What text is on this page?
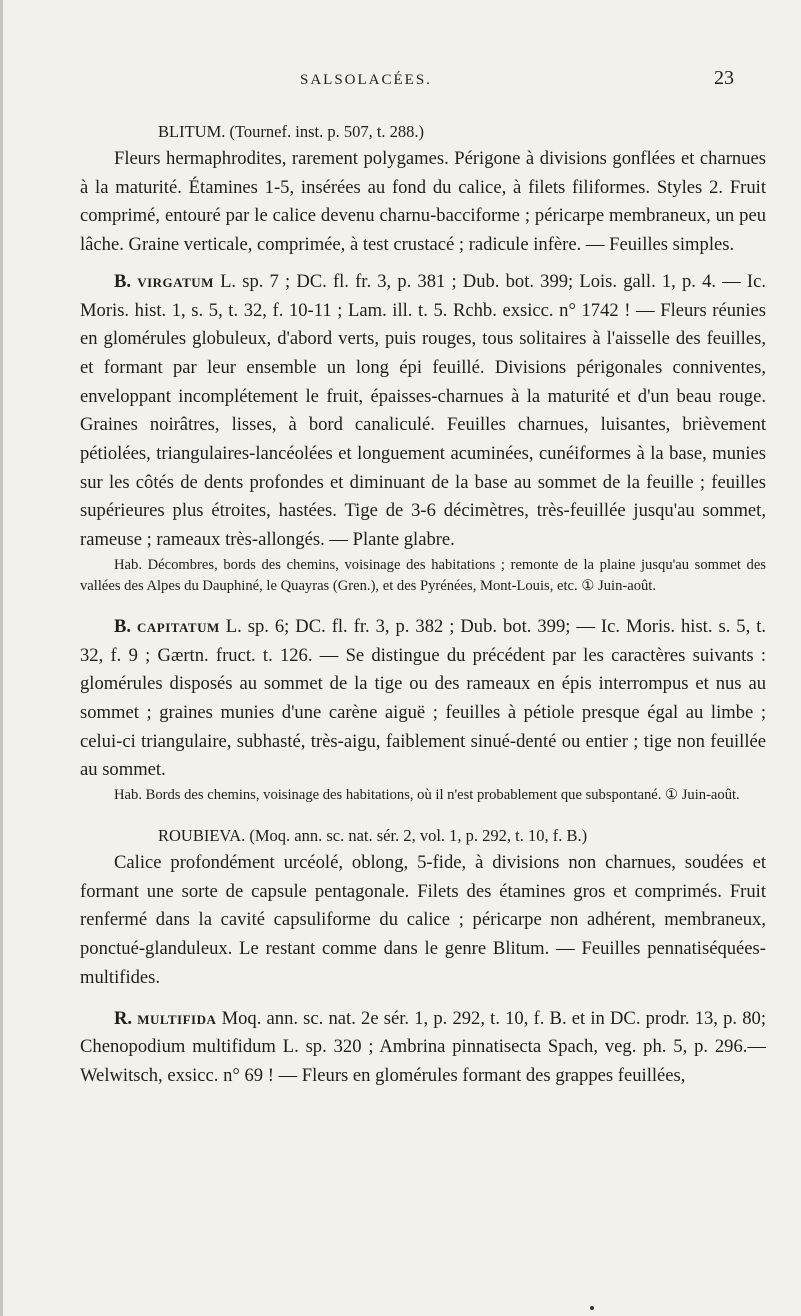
SALSOLACÉES.	23

BLITUM. (Tournef. inst. p. 507, t. 288.)

Fleurs hermaphrodites, rarement polygames. Périgone à divisions gonflées et charnues à la maturité. Étamines 1-5, insérées au fond du calice, à filets filiformes. Styles 2. Fruit comprimé, entouré par le calice devenu charnu-bacciforme ; péricarpe membraneux, un peu lâche. Graine verticale, comprimée, à test crustacé ; radicule infère. — Feuilles simples.

B. virgatum L. sp. 7 ; DC. fl. fr. 3, p. 381 ; Dub. bot. 399; Lois. gall. 1, p. 4. — Ic. Moris. hist. 1, s. 5, t. 32, f. 10-11 ; Lam. ill. t. 5. Rchb. exsicc. n° 1742 ! — Fleurs réunies en glomérules globuleux, d'abord verts, puis rouges, tous solitaires à l'aisselle des feuilles, et formant par leur ensemble un long épi feuillé. Divisions périgonales conniventes, enveloppant incomplétement le fruit, épaisses-charnues à la maturité et d'un beau rouge. Graines noirâtres, lisses, à bord canaliculé. Feuilles charnues, luisantes, brièvement pétiolées, triangulaires-lancéolées et longuement acuminées, cunéiformes à la base, munies sur les côtés de dents profondes et diminuant de la base au sommet de la feuille ; feuilles supérieures plus étroites, hastées. Tige de 3-6 décimètres, très-feuillée jusqu'au sommet, rameuse ; rameaux très-allongés. — Plante glabre.

Hab. Décombres, bords des chemins, voisinage des habitations ; remonte de la plaine jusqu'au sommet des vallées des Alpes du Dauphiné, le Quayras (Gren.), et des Pyrénées, Mont-Louis, etc. ① Juin-août.

B. capitatum L. sp. 6; DC. fl. fr. 3, p. 382 ; Dub. bot. 399; — Ic. Moris. hist. s. 5, t. 32, f. 9 ; Gærtn. fruct. t. 126. — Se distingue du précédent par les caractères suivants : glomérules disposés au sommet de la tige ou des rameaux en épis interrompus et nus au sommet ; graines munies d'une carène aiguë ; feuilles à pétiole presque égal au limbe ; celui-ci triangulaire, subhasté, très-aigu, faiblement sinué-denté ou entier ; tige non feuillée au sommet.

Hab. Bords des chemins, voisinage des habitations, où il n'est probablement que subspontané. ① Juin-août.

ROUBIEVA. (Moq. ann. sc. nat. sér. 2, vol. 1, p. 292, t. 10, f. B.)

Calice profondément urcéolé, oblong, 5-fide, à divisions non charnues, soudées et formant une sorte de capsule pentagonale. Filets des étamines gros et comprimés. Fruit renfermé dans la cavité capsuliforme du calice ; péricarpe non adhérent, membraneux, ponctué-glanduleux. Le restant comme dans le genre Blitum. — Feuilles pennatiséquées-multifides.

R. multifida Moq. ann. sc. nat. 2e sér. 1, p. 292, t. 10, f. B. et in DC. prodr. 13, p. 80; Chenopodium multifidum L. sp. 320 ; Ambrina pinnatisecta Spach, veg. ph. 5, p. 296.— Welwitsch, exsicc. n° 69 ! — Fleurs en glomérules formant des grappes feuillées,
